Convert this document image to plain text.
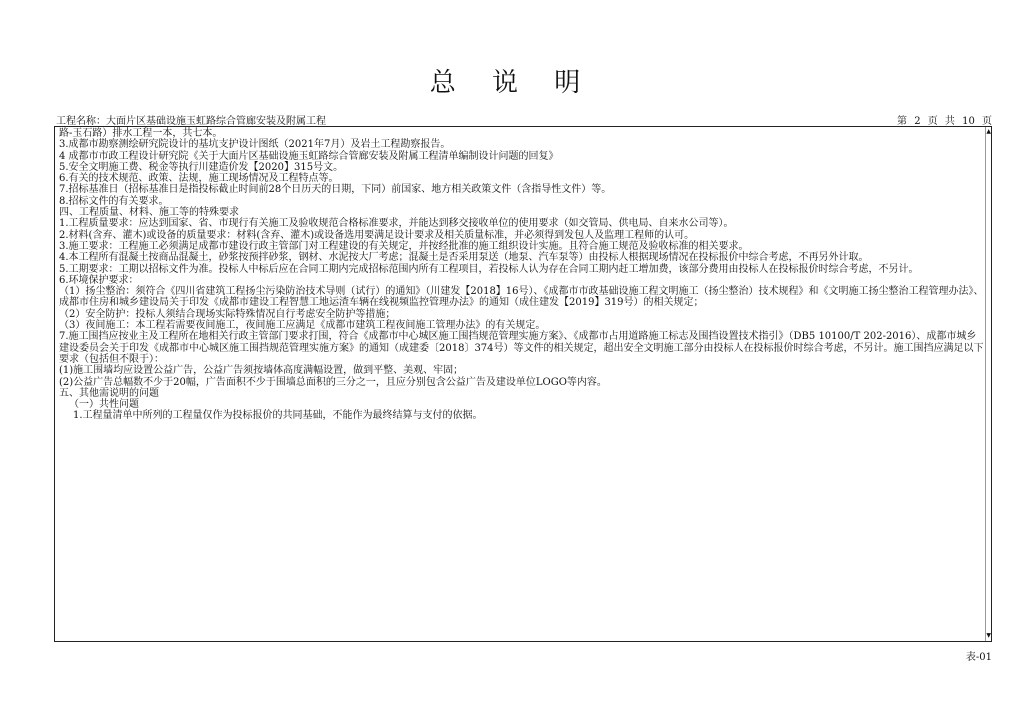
总 说 明
工程名称：大面片区基础设施玉虹路综合管廊安装及附属工程	第 2 页 共 10 页

路-玉石路）排水工程一本，共七本。

3.成都市勘察测绘研究院设计的基坑支护设计图纸（2021年7月）及岩土工程勘察报告。

4 成都市市政工程设计研究院《关于大面片区基础设施玉虹路综合管廊安装及附属工程清单编制设计问题的回复》

5.安全文明施工费、税金等执行川建造价发【2020】315号文。

6.有关的技术规范、政策、法规，施工现场情况及工程特点等。

7.招标基准日（招标基准日是指投标截止时间前28个日历天的日期，下同）前国家、地方相关政策文件（含指导性文件）等。

8.招标文件的有关要求。

四、工程质量、材料、施工等的特殊要求

1.工程质量要求：应达到国家、省、市现行有关施工及验收规范合格标准要求，并能达到移交接收单位的使用要求（如交管局、供电局、自来水公司等）。

2.材料(含弃、灌木)或设备的质量要求：材料(含弃、灌木)或设备选用要满足设计要求及相关质量标准，并必须得到发包人及监理工程师的认可。

3.施工要求：工程施工必须满足成都市建设行政主管部门对工程建设的有关规定，并按经批准的施工组织设计实施。且符合施工规范及验收标准的相关要求。

4.本工程所有混凝土按商品混凝土，砂浆按预拌砂浆，钢材、水泥按大厂考虑；混凝土是否采用泵送（地泵、汽车泵等）由投标人根据现场情况在投标报价中综合考虑，不再另外计取。

5.工期要求：工期以招标文件为准。投标人中标后应在合同工期内完成招标范围内所有工程项目，若投标人认为存在合同工期内赶工增加费，该部分费用由投标人在投标报价时综合考虑，不另计。

6.环境保护要求：

（1）扬尘整治：须符合《四川省建筑工程扬尘污染防治技术导则（试行）的通知》（川建发【2018】16号）、《成都市市政基础设施工程文明施工（扬尘整治）技术规程》和《文明施工扬尘整治工程管理办法》、成都市住房和城乡建设局关于印发《成都市建设工程智慧工地运渣车辆在线视频监控管理办法》的通知（成住建发【2019】319号）的相关规定；

（2）安全防护：投标人须结合现场实际特殊情况自行考虑安全防护等措施；

（3）夜间施工：本工程若需要夜间施工，夜间施工应满足《成都市建筑工程夜间施工管理办法》的有关规定。

7.施工围挡应按业主及工程所在地相关行政主管部门要求打围，符合《成都市中心城区施工围挡规范管理实施方案》、《成都市占用道路施工标志及围挡设置技术指引》（DB5 10100/T 202-2016）、成都市城乡建设委员会关于印发《成都市中心城区施工围挡规范管理实施方案》的通知（成建委〔2018〕374号）等文件的相关规定，超出安全文明施工部分由投标人在投标报价时综合考虑，不另计。施工围挡应满足以下要求（包括但不限于）：

(1)施工围墙均应设置公益广告，公益广告须按墙体高度满幅设置，做到平整、美观、牢固；

(2)公益广告总幅数不少于20幅，广告面积不少于围墙总面积的三分之一，且应分别包含公益广告及建设单位LOGO等内容。

五、其他需说明的问题

（一）共性问题

1.工程量清单中所列的工程量仅作为投标报价的共同基础，不能作为最终结算与支付的依据。

▲
▼
表-01
